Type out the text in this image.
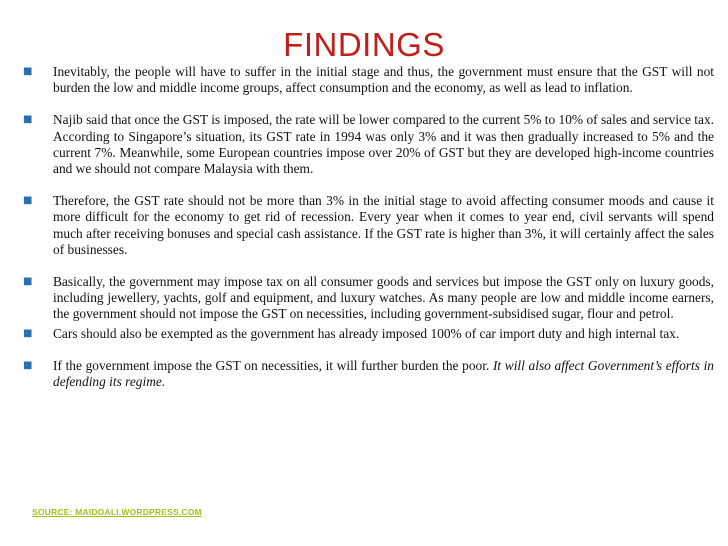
FINDINGS
■ Inevitably, the people will have to suffer in the initial stage and thus, the government must ensure that the GST will not burden the low and middle income groups, affect consumption and the economy, as well as lead to inflation.
■ Najib said that once the GST is imposed, the rate will be lower compared to the current 5% to 10% of sales and service tax. According to Singapore’s situation, its GST rate in 1994 was only 3% and it was then gradually increased to 5% and the current 7%. Meanwhile, some European countries impose over 20% of GST but they are developed high-income countries and we should not compare Malaysia with them.
■ Therefore, the GST rate should not be more than 3% in the initial stage to avoid affecting consumer moods and cause it more difficult for the economy to get rid of recession. Every year when it comes to year end, civil servants will spend much after receiving bonuses and special cash assistance. If the GST rate is higher than 3%, it will certainly affect the sales of businesses.
■ Basically, the government may impose tax on all consumer goods and services but impose the GST only on luxury goods, including jewellery, yachts, golf and equipment, and luxury watches. As many people are low and middle income earners, the government should not impose the GST on necessities, including government-subsidised sugar, flour and petrol.
■ Cars should also be exempted as the government has already imposed 100% of car import duty and high internal tax.
■ If the government impose the GST on necessities, it will further burden the poor. It will also affect Government’s efforts in defending its regime.
SOURCE: MAIDOALI.WORDPRESS.COM
